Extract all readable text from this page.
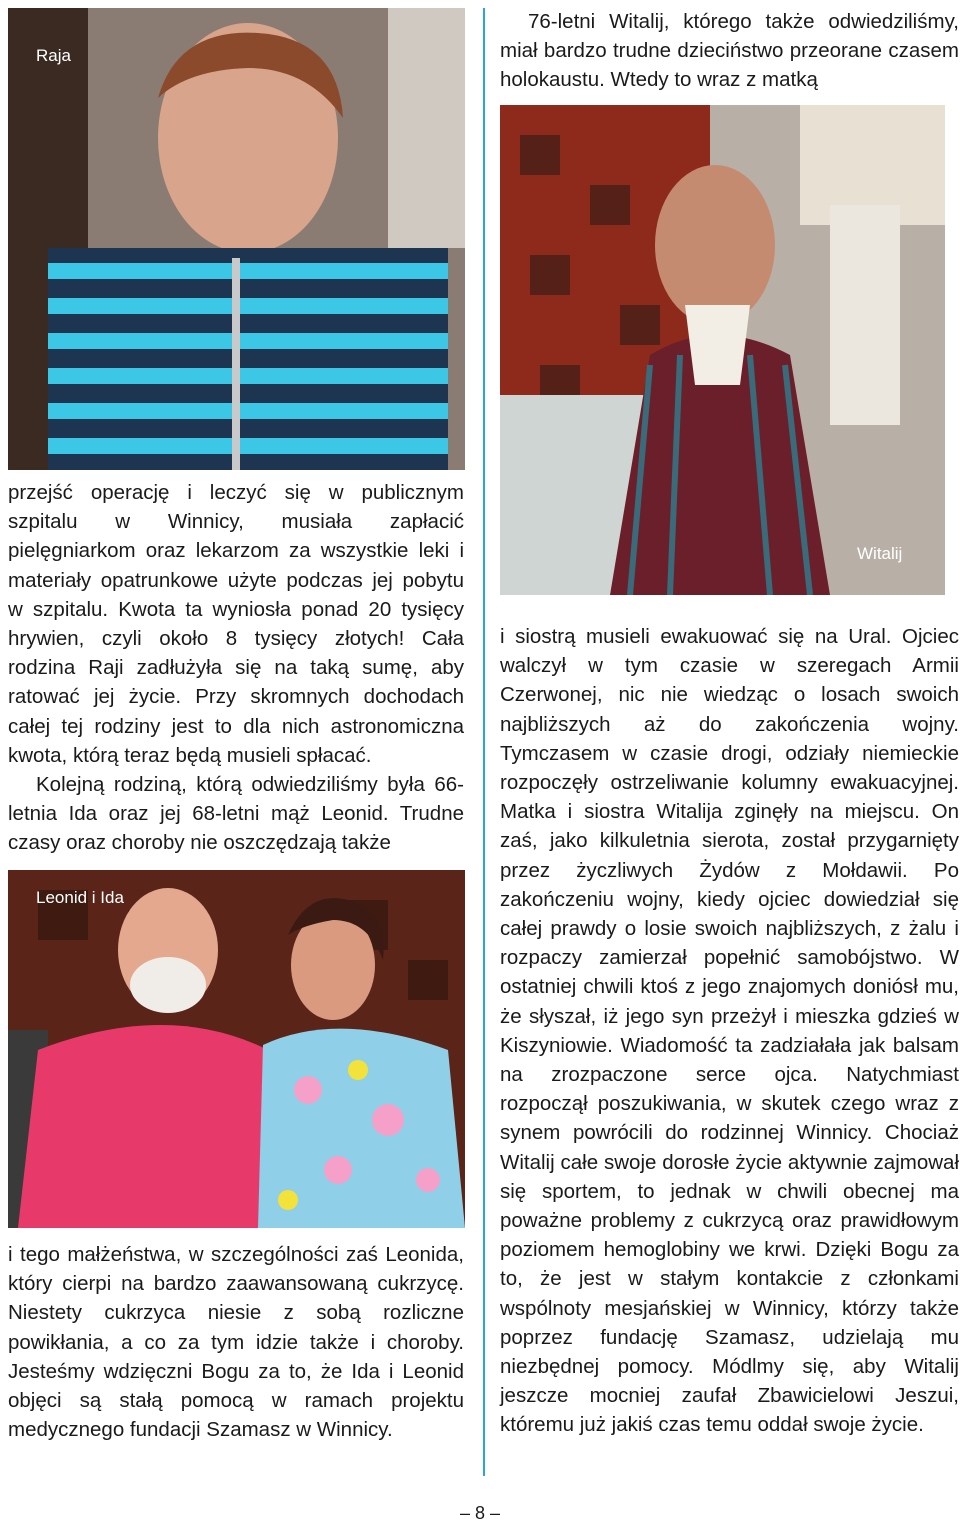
Raja
Witalij
Leonid i Ida

76-letni Witalij, którego także odwiedziliśmy, miał bardzo trudne dzieciństwo przeorane czasem holokaustu. Wtedy to wraz z matką

przejść operację i leczyć się w publicznym szpitalu w Winnicy, musiała zapłacić pielęgniarkom oraz lekarzom za wszystkie leki i materiały opatrunkowe użyte podczas jej pobytu w szpitalu. Kwota ta wyniosła ponad 20 tysięcy hrywien, czyli około 8 tysięcy złotych! Cała rodzina Raji zadłużyła się na taką sumę, aby ratować jej życie. Przy skromnych dochodach całej tej rodziny jest to dla nich astronomiczna kwota, którą teraz będą musieli spłacać.

Kolejną rodziną, którą odwiedziliśmy była 66-letnia Ida oraz jej 68-letni mąż Leonid. Trudne czasy oraz choroby nie oszczędzają także

i tego małżeństwa, w szczególności zaś Leonida, który cierpi na bardzo zaawansowaną cukrzycę. Niestety cukrzyca niesie z sobą rozliczne powikłania, a co za tym idzie także i choroby. Jesteśmy wdzięczni Bogu za to, że Ida i Leonid objęci są stałą pomocą w ramach projektu medycznego fundacji Szamasz w Winnicy.

i siostrą musieli ewakuować się na Ural. Ojciec walczył w tym czasie w szeregach Armii Czerwonej, nic nie wiedząc o losach swoich najbliższych aż do zakończenia wojny. Tymczasem w czasie drogi, odziały niemieckie rozpoczęły ostrzeliwanie kolumny ewakuacyjnej. Matka i siostra Witalija zginęły na miejscu. On zaś, jako kilkuletnia sierota, został przygarnięty przez życzliwych Żydów z Mołdawii. Po zakończeniu wojny, kiedy ojciec dowiedział się całej prawdy o losie swoich najbliższych, z żalu i rozpaczy zamierzał popełnić samobójstwo. W ostatniej chwili ktoś z jego znajomych doniósł mu, że słyszał, iż jego syn przeżył i mieszka gdzieś w Kiszyniowie. Wiadomość ta zadziałała jak balsam na zrozpaczone serce ojca. Natychmiast rozpoczął poszukiwania, w skutek czego wraz z synem powrócili do rodzinnej Winnicy. Chociaż Witalij całe swoje dorosłe życie aktywnie zajmował się sportem, to jednak w chwili obecnej ma poważne problemy z cukrzycą oraz prawidłowym poziomem hemoglobiny we krwi. Dzięki Bogu za to, że jest w stałym kontakcie z członkami wspólnoty mesjańskiej w Winnicy, którzy także poprzez fundację Szamasz, udzielają mu niezbędnej pomocy. Módlmy się, aby Witalij jeszcze mocniej zaufał Zbawicielowi Jeszui, któremu już jakiś czas temu oddał swoje życie.

– 8 –
